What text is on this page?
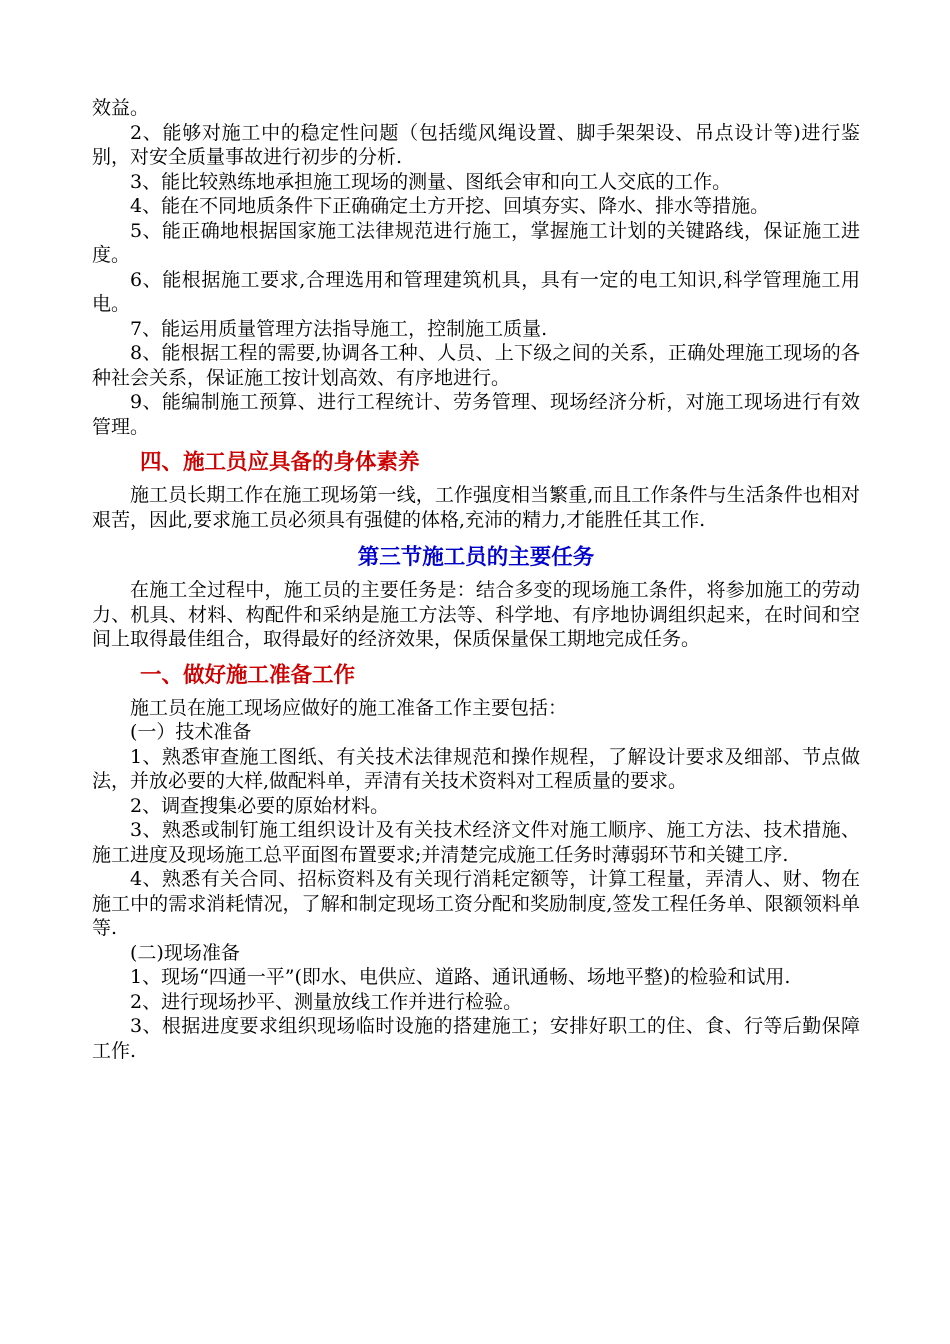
效益。

2、能够对施工中的稳定性问题（包括缆风绳设置、脚手架架设、吊点设计等)进行鉴别，对安全质量事故进行初步的分析.

3、能比较熟练地承担施工现场的测量、图纸会审和向工人交底的工作。

4、能在不同地质条件下正确确定土方开挖、回填夯实、降水、排水等措施。

5、能正确地根据国家施工法律规范进行施工，掌握施工计划的关键路线，保证施工进度。

6、能根据施工要求,合理选用和管理建筑机具，具有一定的电工知识,科学管理施工用电。

7、能运用质量管理方法指导施工，控制施工质量.

8、能根据工程的需要,协调各工种、人员、上下级之间的关系，正确处理施工现场的各种社会关系，保证施工按计划高效、有序地进行。

9、能编制施工预算、进行工程统计、劳务管理、现场经济分析，对施工现场进行有效管理。

四、施工员应具备的身体素养

施工员长期工作在施工现场第一线，工作强度相当繁重,而且工作条件与生活条件也相对艰苦，因此,要求施工员必须具有强健的体格,充沛的精力,才能胜任其工作.

第三节施工员的主要任务

在施工全过程中，施工员的主要任务是：结合多变的现场施工条件，将参加施工的劳动力、机具、材料、构配件和采纳是施工方法等、科学地、有序地协调组织起来，在时间和空间上取得最佳组合，取得最好的经济效果，保质保量保工期地完成任务。

一、做好施工准备工作

施工员在施工现场应做好的施工准备工作主要包括：

(一）技术准备

1、熟悉审查施工图纸、有关技术法律规范和操作规程，了解设计要求及细部、节点做法，并放必要的大样,做配料单，弄清有关技术资料对工程质量的要求。

2、调查搜集必要的原始材料。

3、熟悉或制钉施工组织设计及有关技术经济文件对施工顺序、施工方法、技术措施、施工进度及现场施工总平面图布置要求;并清楚完成施工任务时薄弱环节和关键工序.

4、熟悉有关合同、招标资料及有关现行消耗定额等，计算工程量，弄清人、财、物在施工中的需求消耗情况，了解和制定现场工资分配和奖励制度,签发工程任务单、限额领料单等.

(二)现场准备

1、现场“四通一平”(即水、电供应、道路、通讯通畅、场地平整)的检验和试用.

2、进行现场抄平、测量放线工作并进行检验。

3、根据进度要求组织现场临时设施的搭建施工；安排好职工的住、食、行等后勤保障工作.
